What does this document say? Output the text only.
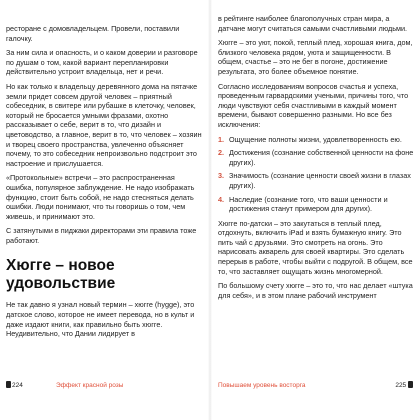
ресторане с домовладельцем. Провели, поставили галочку.

За ним сила и опасность, и о каком доверии и разговоре по душам о том, какой вариант перепланировки действительно устроит владельца, нет и речи.

Но как только к владельцу деревянного дома на пятачке земли придет совсем другой человек – приятный собеседник, в свитере или рубашке в клеточку, человек, который не бросается умными фразами, охотно рассказывает о себе, верит в то, что дизайн и цветоводство, а главное, верит в то, что человек – хозяин и творец своего пространства, увлеченно объясняет почему, то это собеседник непроизвольно подстроит это настроение и прислушается.

«Протокольные» встречи – это распространенная ошибка, популярное заблуждение. Не надо изображать функцию, стоит быть собой, не надо стесняться делать ошибки. Люди понимают, что ты говоришь о том, чем живешь, и принимают это.

С затянутыми в пиджаки директорами эти правила тоже работают.

Хюгге – новое удовольствие

Не так давно я узнал новый термин – хюгге (hygge), это датское слово, которое не имеет перевода, но в культ и даже издают книги, как правильно быть хюгге. Неудивительно, что Дании лидирует в

224	Эффект красной розы

в рейтинге наиболее благополучных стран мира, а датчане могут считаться самыми счастливыми людьми.

Хюгге – это уют, покой, теплый плед, хорошая книга, дом, близкого человека рядом, уюта и защищенности. В общем, счастье – это не бег в погоне, достижение результата, это более объемное понятие.

Согласно исследованиям вопросов счастья и успеха, проведенным гарвардскими учеными, причины того, что люди чувствуют себя счастливыми в каждый момент времени, бывают совершенно разными. Но все без исключения:

1. Ощущение полноты жизни, удовлетворенность ею.
2. Достижения (сознание собственной ценности на фоне других).
3. Значимость (сознание ценности своей жизни в глазах других).
4. Наследие (сознание того, что ваши ценности и достижения станут примером для других).

Хюгге по-датски – это закутаться в теплый плед, отдохнуть, включить iPad и взять бумажную книгу. Это пить чай с друзьями. Это смотреть на огонь. Это нарисовать акварель для своей квартиры. Это сделать перерыв в работе, чтобы выйти с подругой. В общем, все то, что заставляет ощущать жизнь многомерной.

По большому счету хюгге – это то, что нас делает «штука для себя», и в этом плане рабочий инструмент

Повышаем уровень восторга	225
